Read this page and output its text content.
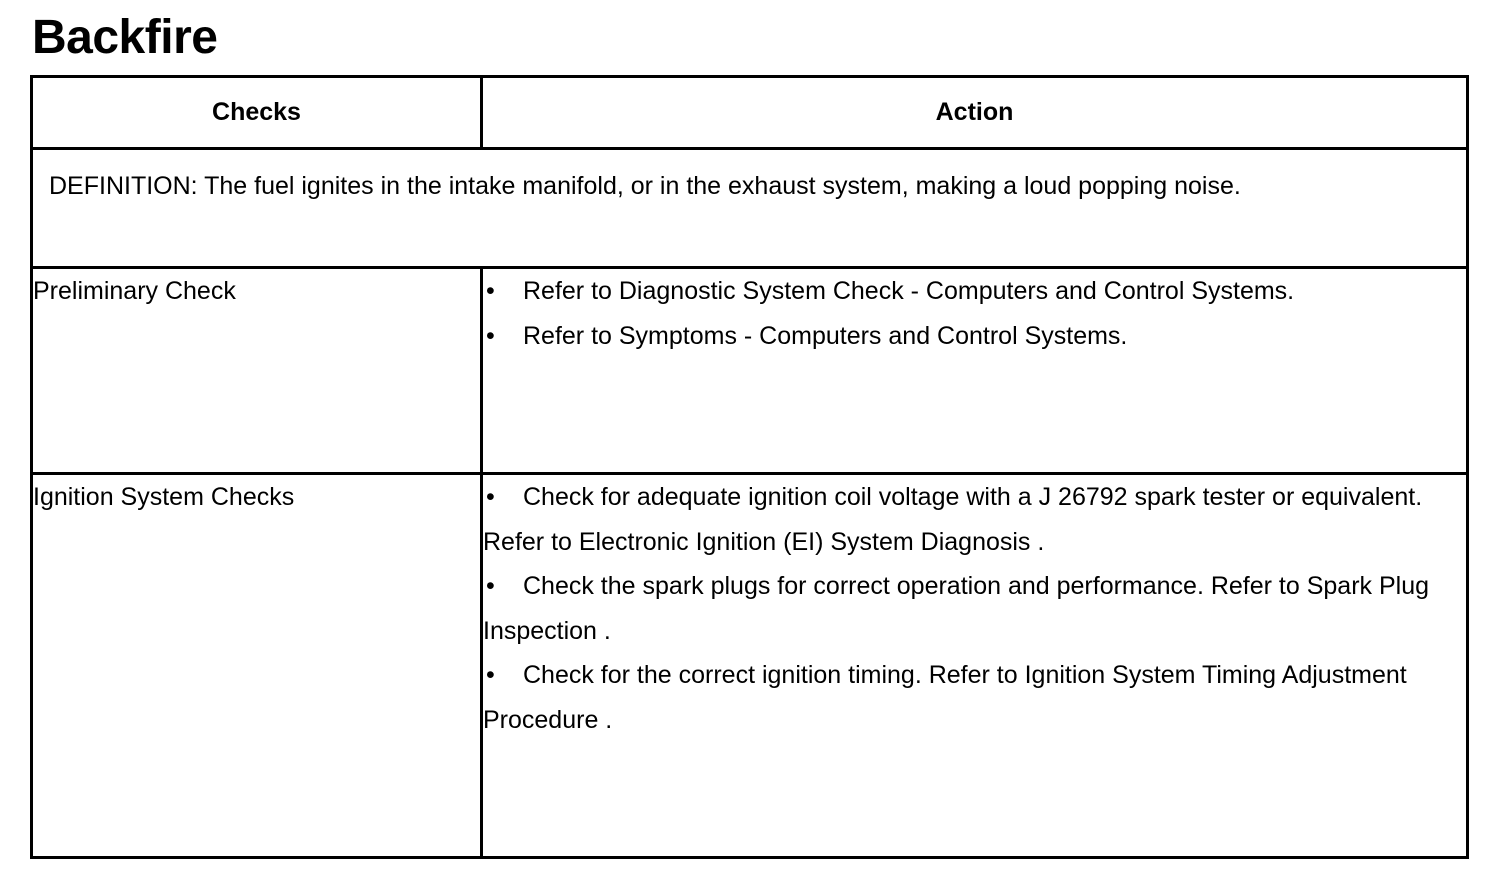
Backfire
Checks	Action
DEFINITION: The fuel ignites in the intake manifold, or in the exhaust system, making a loud popping noise.	
Preliminary Check	• Refer to Diagnostic System Check - Computers and Control Systems.
• Refer to Symptoms - Computers and Control Systems.

Ignition System Checks	• Check for adequate ignition coil voltage with a J 26792 spark tester or equivalent. Refer to Electronic Ignition (EI) System Diagnosis .
• Check the spark plugs for correct operation and performance. Refer to Spark Plug Inspection .
• Check for the correct ignition timing. Refer to Ignition System Timing Adjustment Procedure .
